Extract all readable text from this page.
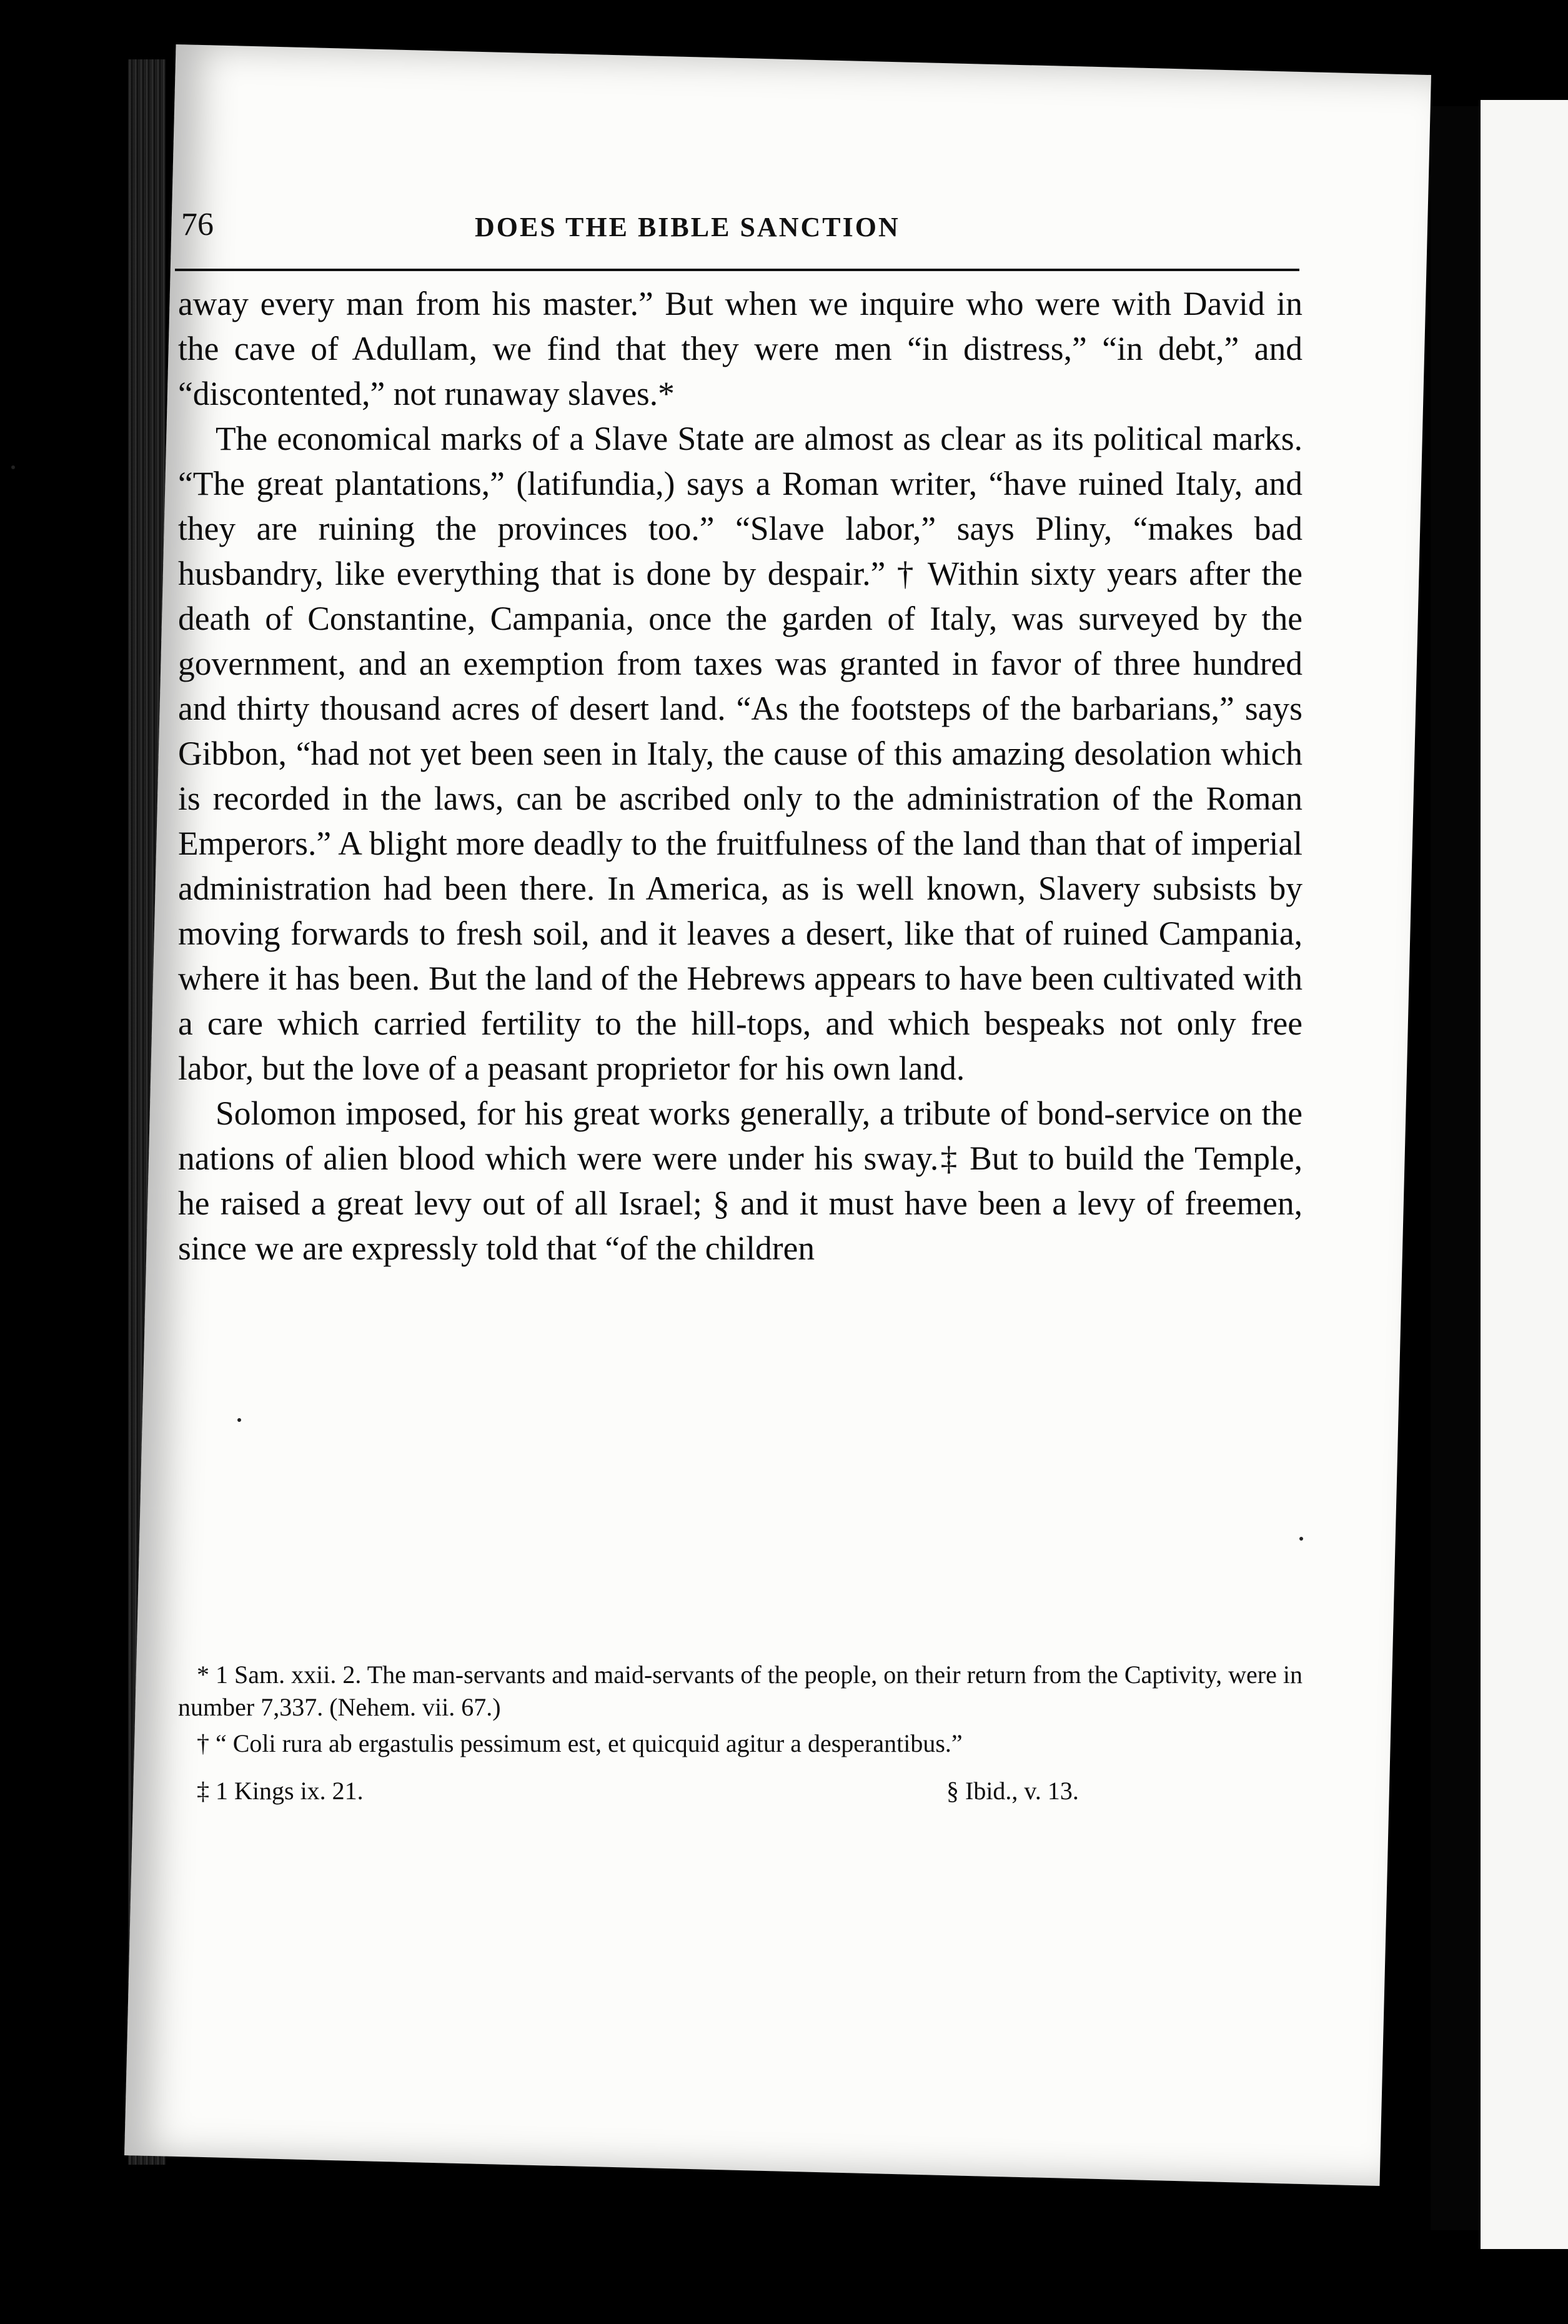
76	DOES THE BIBLE SANCTION

away every man from his master.” But when we inquire who were with David in the cave of Adullam, we find that they were men “in distress,” “in debt,” and “discontented,” not runaway slaves.*

The economical marks of a Slave State are almost as clear as its political marks. “The great plantations,” (latifundia,) says a Roman writer, “have ruined Italy, and they are ruining the provinces too.” “Slave labor,” says Pliny, “makes bad husbandry, like everything that is done by despair.” † Within sixty years after the death of Constantine, Campania, once the garden of Italy, was surveyed by the government, and an exemption from taxes was granted in favor of three hundred and thirty thousand acres of desert land. “As the footsteps of the barbarians,” says Gibbon, “had not yet been seen in Italy, the cause of this amazing desolation which is recorded in the laws, can be ascribed only to the administration of the Roman Emperors.” A blight more deadly to the fruitfulness of the land than that of imperial administration had been there. In America, as is well known, Slavery subsists by moving forwards to fresh soil, and it leaves a desert, like that of ruined Campania, where it has been. But the land of the Hebrews appears to have been cultivated with a care which carried fertility to the hill-tops, and which bespeaks not only free labor, but the love of a peasant proprietor for his own land.

Solomon imposed, for his great works generally, a tribute of bond-service on the nations of alien blood which were were under his sway.‡ But to build the Temple, he raised a great levy out of all Israel; § and it must have been a levy of freemen, since we are expressly told that “of the children

* 1 Sam. xxii. 2. The man-servants and maid-servants of the people, on their return from the Captivity, were in number 7,337. (Nehem. vii. 67.)

† “ Coli rura ab ergastulis pessimum est, et quicquid agitur a desperantibus.”

‡ 1 Kings ix. 21.	§ Ibid., v. 13.
